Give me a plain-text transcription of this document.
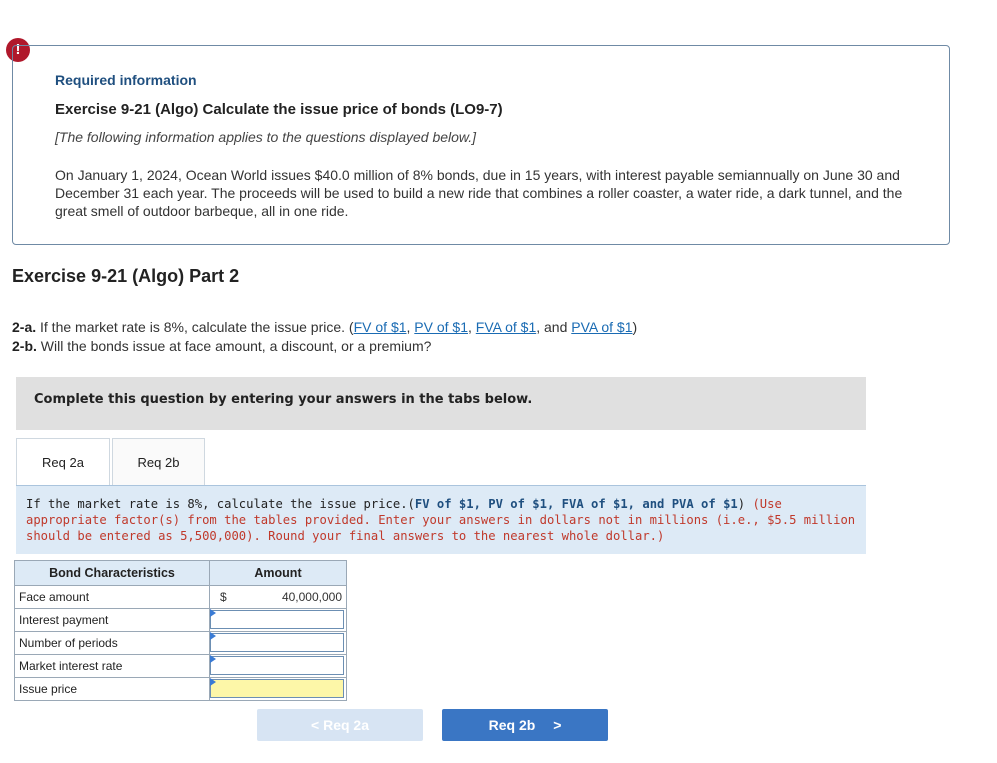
!
Required information
Exercise 9-21 (Algo) Calculate the issue price of bonds (LO9-7)
[The following information applies to the questions displayed below.]
On January 1, 2024, Ocean World issues $40.0 million of 8% bonds, due in 15 years, with interest payable semiannually on June 30 and December 31 each year. The proceeds will be used to build a new ride that combines a roller coaster, a water ride, a dark tunnel, and the great smell of outdoor barbeque, all in one ride.
Exercise 9-21 (Algo) Part 2
2-a. If the market rate is 8%, calculate the issue price. (FV of $1, PV of $1, FVA of $1, and PVA of $1)
2-b. Will the bonds issue at face amount, a discount, or a premium?
Complete this question by entering your answers in the tabs below.
Req 2a	Req 2b
If the market rate is 8%, calculate the issue price.(FV of $1, PV of $1, FVA of $1, and PVA of $1) (Use appropriate factor(s) from the tables provided. Enter your answers in dollars not in millions (i.e., $5.5 million should be entered as 5,500,000). Round your final answers to the nearest whole dollar.)
Bond Characteristics	Amount
Face amount	$ 40,000,000

Interest payment	

Number of periods	

Market interest rate	

Issue price	
< Req 2a	Req 2b >
